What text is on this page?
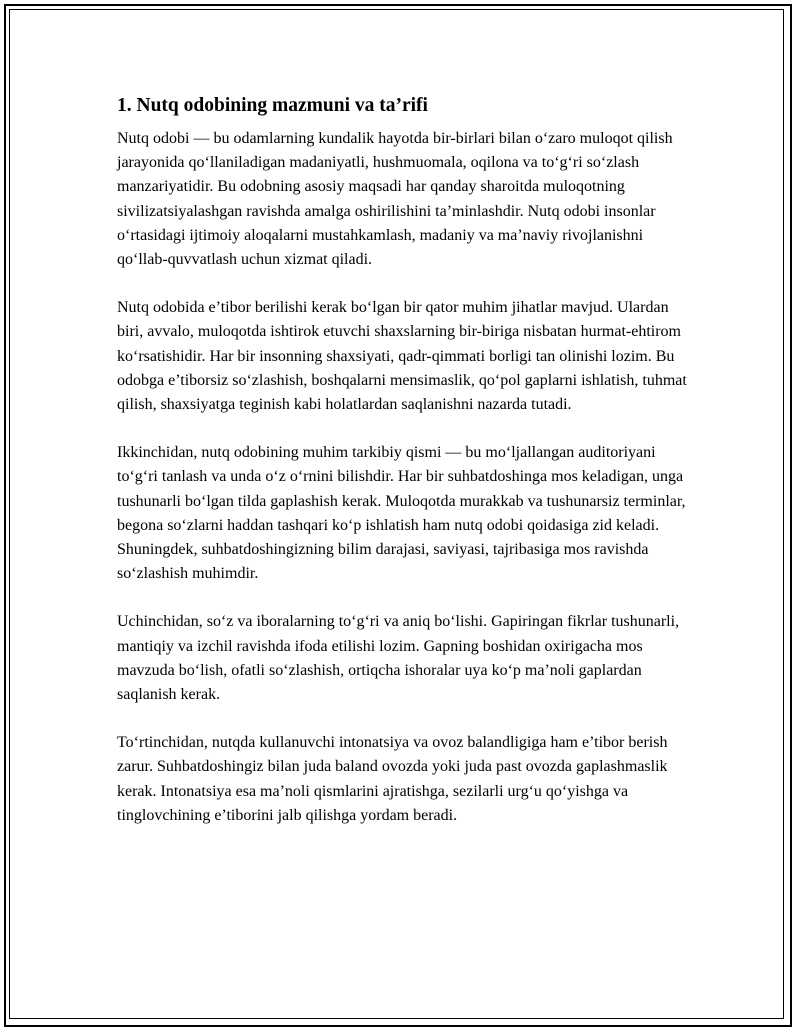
1. Nutq odobining mazmuni va ta’rifi

Nutq odobi — bu odamlarning kundalik hayotda bir-birlari bilan o‘zaro muloqot qilish jarayonida qo‘llaniladigan madaniyatli, hushmuomala, oqilona va to‘g‘ri so‘zlash manzariyatidir. Bu odobning asosiy maqsadi har qanday sharoitda muloqotning sivilizatsiyalashgan ravishda amalga oshirilishini ta’minlashdir. Nutq odobi insonlar o‘rtasidagi ijtimoiy aloqalarni mustahkamlash, madaniy va ma’naviy rivojlanishni qo‘llab-quvvatlash uchun xizmat qiladi.

Nutq odobida e’tibor berilishi kerak bo‘lgan bir qator muhim jihatlar mavjud. Ulardan biri, avvalo, muloqotda ishtirok etuvchi shaxslarning bir-biriga nisbatan hurmat-ehtirom ko‘rsatishidir. Har bir insonning shaxsiyati, qadr-qimmati borligi tan olinishi lozim. Bu odobga e’tiborsiz so‘zlashish, boshqalarni mensimaslik, qo‘pol gaplarni ishlatish, tuhmat qilish, shaxsiyatga teginish kabi holatlardan saqlanishni nazarda tutadi.

Ikkinchidan, nutq odobining muhim tarkibiy qismi — bu mo‘ljallangan auditoriyani to‘g‘ri tanlash va unda o‘z o‘rnini bilishdir. Har bir suhbatdoshinga mos keladigan, unga tushunarli bo‘lgan tilda gaplashish kerak. Muloqotda murakkab va tushunarsiz terminlar, begona so‘zlarni haddan tashqari ko‘p ishlatish ham nutq odobi qoidasiga zid keladi. Shuningdek, suhbatdoshingizning bilim darajasi, saviyasi, tajribasiga mos ravishda so‘zlashish muhimdir.

Uchinchidan, so‘z va iboralarning to‘g‘ri va aniq bo‘lishi. Gapiringan fikrlar tushunarli, mantiqiy va izchil ravishda ifoda etilishi lozim. Gapning boshidan oxirigacha mos mavzuda bo‘lish, ofatli so‘zlashish, ortiqcha ishoralar uya ko‘p ma’noli gaplardan saqlanish kerak.

To‘rtinchidan, nutqda kullanuvchi intonatsiya va ovoz balandligiga ham e’tibor berish zarur. Suhbatdoshingiz bilan juda baland ovozda yoki juda past ovozda gaplashmaslik kerak. Intonatsiya esa ma’noli qismlarini ajratishga, sezilarli urg‘u qo‘yishga va tinglovchining e’tiborini jalb qilishga yordam beradi.
